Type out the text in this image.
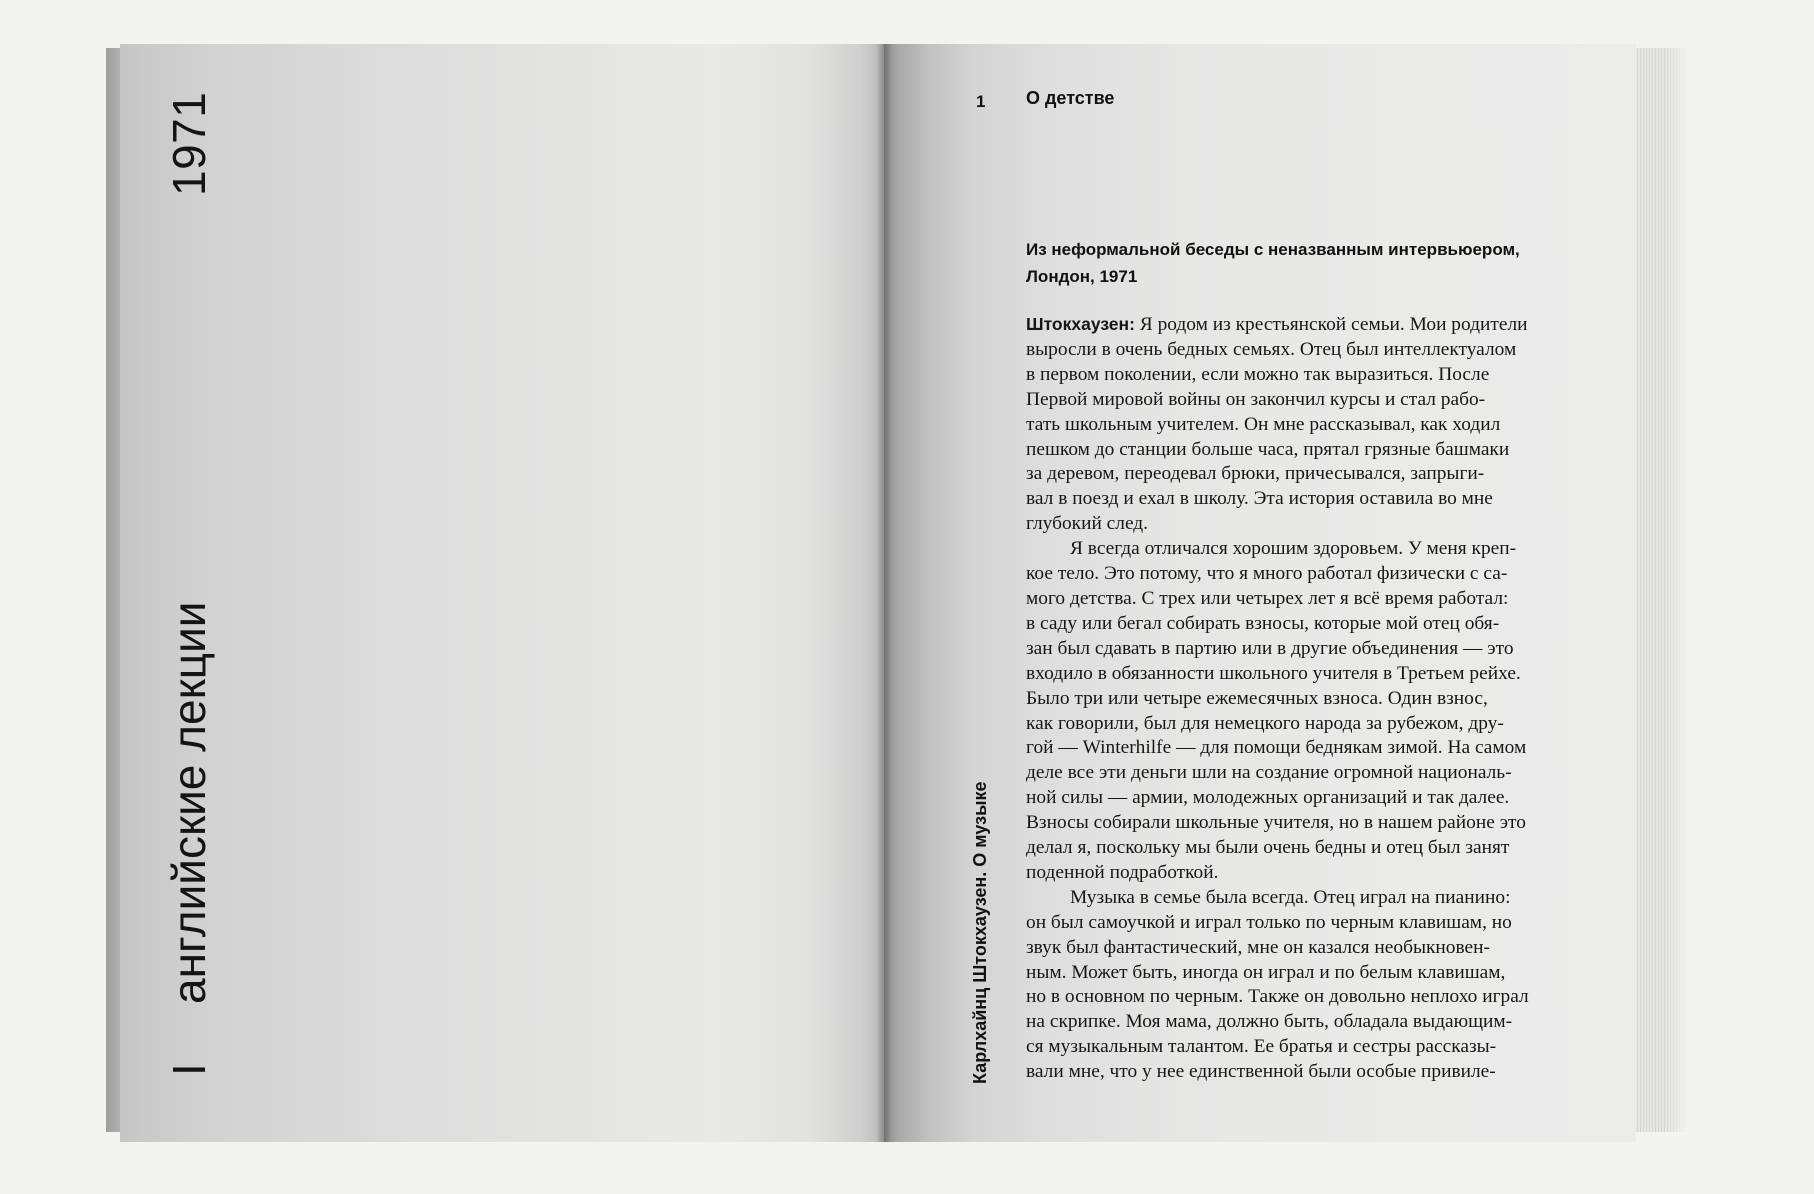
1971
английские лекции
I
1 О детстве
Карлхайнц Штокхаузен. О музыке
Из неформальной беседы с неназванным интервьюером,
Лондон, 1971
Штокхаузен: Я родом из крестьянской семьи. Мои родители
выросли в очень бедных семьях. Отец был интеллектуалом
в первом поколении, если можно так выразиться. После
Первой мировой войны он закончил курсы и стал рабо-
тать школьным учителем. Он мне рассказывал, как ходил
пешком до станции больше часа, прятал грязные башмаки
за деревом, переодевал брюки, причесывался, запрыги-
вал в поезд и ехал в школу. Эта история оставила во мне
глубокий след.
Я всегда отличался хорошим здоровьем. У меня креп-
кое тело. Это потому, что я много работал физически с са-
мого детства. С трех или четырех лет я всё время работал:
в саду или бегал собирать взносы, которые мой отец обя-
зан был сдавать в партию или в другие объединения — это
входило в обязанности школьного учителя в Третьем рейхе.
Было три или четыре ежемесячных взноса. Один взнос,
как говорили, был для немецкого народа за рубежом, дру-
гой — Winterhilfe — для помощи беднякам зимой. На самом
деле все эти деньги шли на создание огромной националь-
ной силы — армии, молодежных организаций и так далее.
Взносы собирали школьные учителя, но в нашем районе это
делал я, поскольку мы были очень бедны и отец был занят
поденной подработкой.
Музыка в семье была всегда. Отец играл на пианино:
он был самоучкой и играл только по черным клавишам, но
звук был фантастический, мне он казался необыкновен-
ным. Может быть, иногда он играл и по белым клавишам,
но в основном по черным. Также он довольно неплохо играл
на скрипке. Моя мама, должно быть, обладала выдающим-
ся музыкальным талантом. Ее братья и сестры рассказы-
вали мне, что у нее единственной были особые привиле-
